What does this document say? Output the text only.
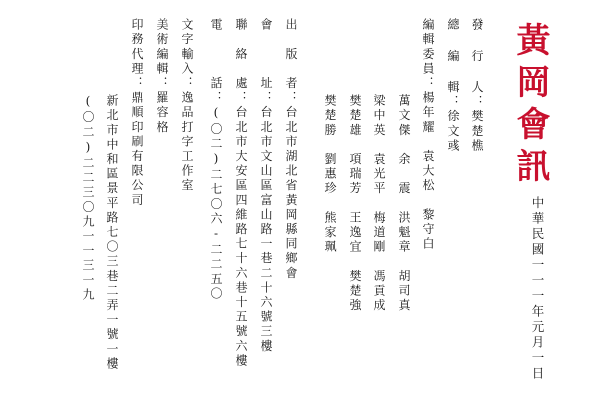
黃岡會訊
中華民國一一一年元月一日
發 行 人：樊楚樵
總 編 輯：徐文彧
編輯委員：楊年耀　袁大松　黎守白
萬文傑　余　震　洪魁章　胡司真
梁中英　袁光平　梅道剛　馮貢成
樊楚雄　項瑞芳　王逸宜　樊楚強
樊楚勝　劉惠珍　熊家珮
出　版　者：台北市湖北省黃岡縣同鄉會
會　　　址：台北市文山區富山路一巷二十六號三樓
聯　絡　處：台北市大安區四維路七十六巷十五號六樓
電　　　話：(〇二)二七〇六-二二五〇
文字輸入：逸品打字工作室
美術編輯：羅容格
印務代理：鼎順印刷有限公司
新北市中和區景平路七〇三巷二弄一號一樓
(〇二)二二三〇九一一三一九
